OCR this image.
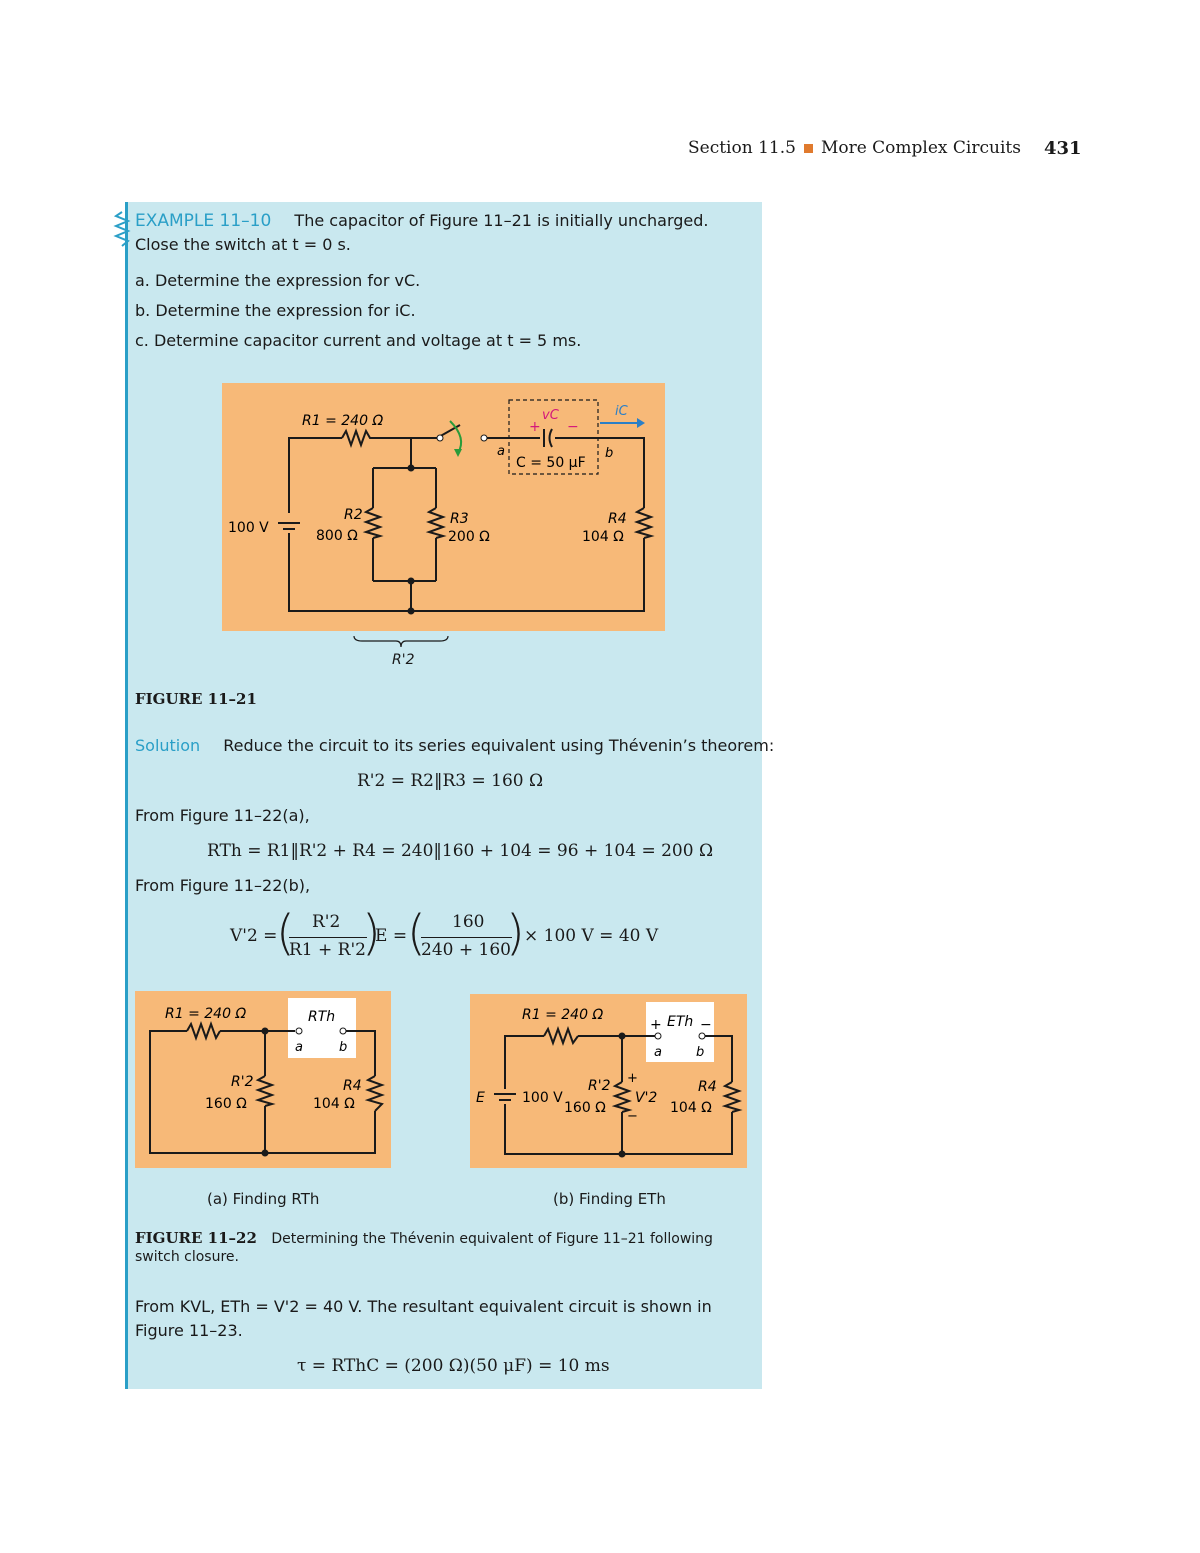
Section 11.5 More Complex Circuits 431
EXAMPLE 11–10 The capacitor of Figure 11–21 is initially uncharged.
Close the switch at t = 0 s.
a. Determine the expression for vC.
b. Determine the expression for iC.
c. Determine capacitor current and voltage at t = 5 ms.
R1 = 240 Ω
R2
800 Ω
R3
200 Ω
R4
104 Ω
100 V
vC
+ −
C = 50 μF
iC
a	b
R'2
FIGURE 11–21
Solution Reduce the circuit to its series equivalent using Thévenin’s theorem:
R'2 = R2‖R3 = 160 Ω
From Figure 11–22(a),
RTh = R1‖R'2 + R4 = 240‖160 + 104 = 96 + 104 = 200 Ω
From Figure 11–22(b),
V'2 =
( R'2
R1 + R'2
)
E = ( 160
240 + 160
) × 100 V = 40 V
R1 = 240 Ω	RTh
a	b
R'2
160 Ω
R4
104 Ω
R1 = 240 Ω
+ ETh −
a	b
E	100 V
R'2
160 Ω
+
V'2
−
R4
104 Ω
(a) Finding RTh	(b) Finding ETh
FIGURE 11–22 Determining the Thévenin equivalent of Figure 11–21 following
switch closure.
From KVL, ETh = V'2 = 40 V. The resultant equivalent circuit is shown in
Figure 11–23.
τ = RThC = (200 Ω)(50 μF) = 10 ms
